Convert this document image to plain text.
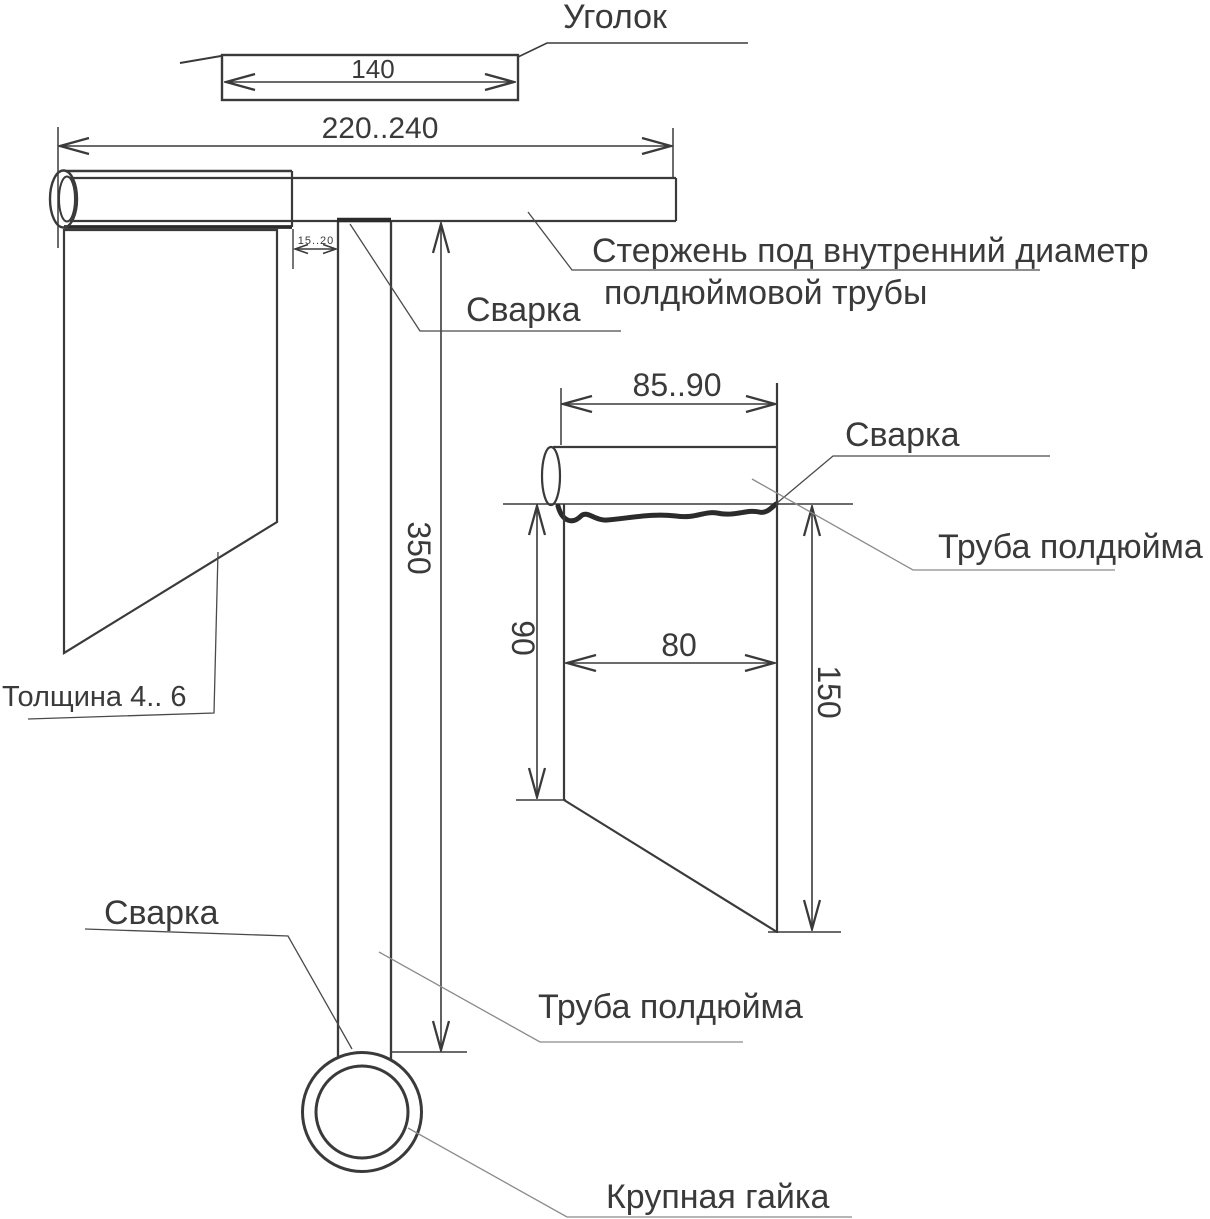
Уголок
140
220..240
15..20
350
Сварка
Стержень под внутренний диаметр
полдюймовой трубы
Толщина 4.. 6
Сварка
Труба полдюйма
Крупная гайка
85..90
90	80
150
Сварка
Труба полдюйма
